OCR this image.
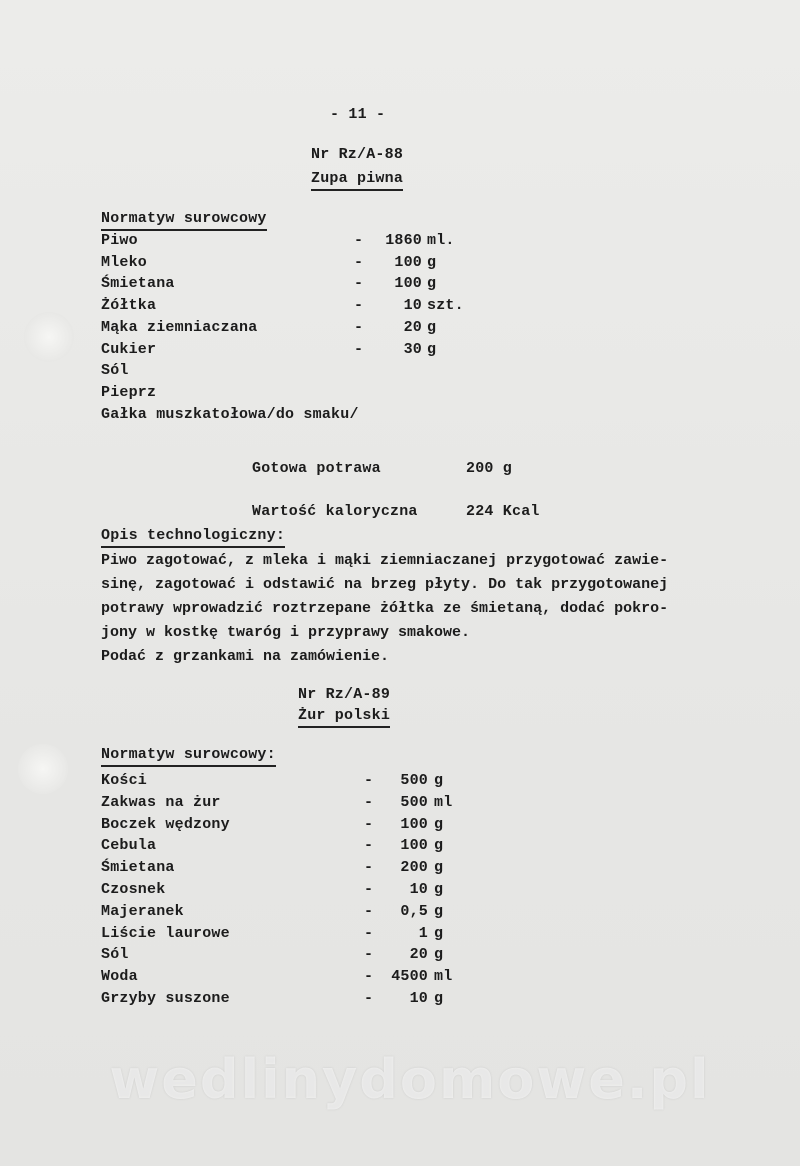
- 11 -
Nr Rz/A-88
Zupa piwna
Normatyw surowcowy
Piwo	-	1860 ml.
Mleko	-	100 g
Śmietana	-	100 g
Żółtka	-	10 szt.
Mąka ziemniaczana	-	20 g
Cukier	-	30 g
Sól
Pieprz
Gałka muszkatołowa/do smaku/
Gotowa potrawa	200 g
Wartość kaloryczna	224 Kcal
Opis technologiczny:
Piwo zagotować, z mleka i mąki ziemniaczanej przygotować zawie-
sinę, zagotować i odstawić na brzeg płyty. Do tak przygotowanej
potrawy wprowadzić roztrzepane żółtka ze śmietaną, dodać pokro-
jony w kostkę twaróg i przyprawy smakowe.
Podać z grzankami na zamówienie.
Nr Rz/A-89
Żur polski
Normatyw surowcowy:
Kości	-	500 g
Zakwas na żur	-	500 ml
Boczek wędzony	-	100 g
Cebula	-	100 g
Śmietana	-	200 g
Czosnek	-	10 g
Majeranek	-	0,5 g
Liście laurowe	-	1 g
Sól	-	20 g
Woda	-	4500 ml
Grzyby suszone	-	10 g
wedlinydomowe.pl
